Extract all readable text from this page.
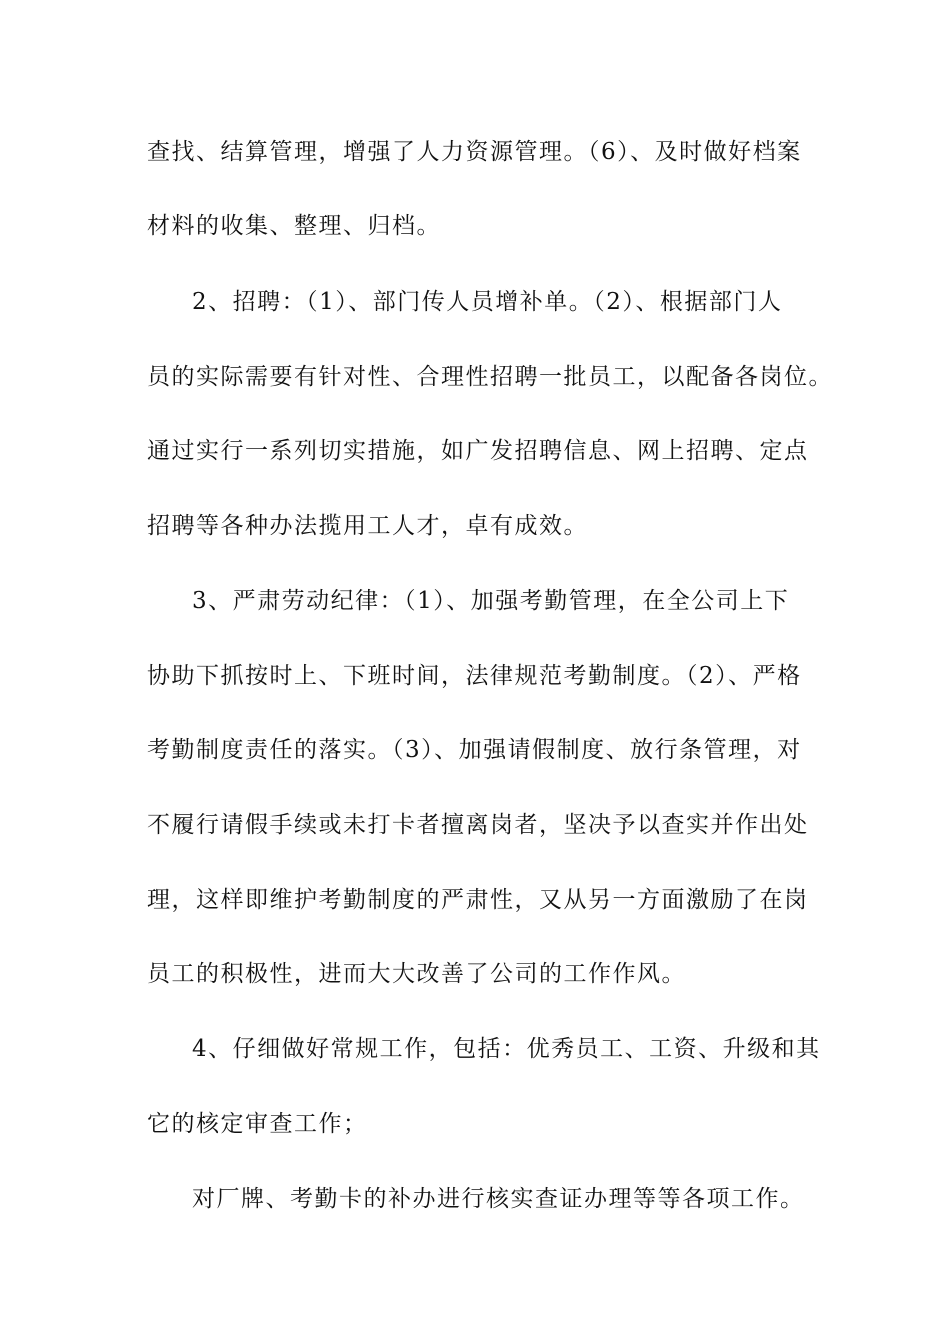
查找、结算管理，增强了人力资源管理。（6）、及时做好档案
材料的收集、整理、归档。
2、招聘：（1）、部门传人员增补单。（2）、根据部门人
员的实际需要有针对性、合理性招聘一批员工，以配备各岗位。
通过实行一系列切实措施，如广发招聘信息、网上招聘、定点
招聘等各种办法揽用工人才，卓有成效。
3、严肃劳动纪律：（1）、加强考勤管理，在全公司上下
协助下抓按时上、下班时间，法律规范考勤制度。（2）、严格
考勤制度责任的落实。（3）、加强请假制度、放行条管理，对
不履行请假手续或未打卡者擅离岗者，坚决予以查实并作出处
理，这样即维护考勤制度的严肃性，又从另一方面激励了在岗
员工的积极性，进而大大改善了公司的工作作风。
4、仔细做好常规工作，包括：优秀员工、工资、升级和其
它的核定审查工作；
对厂牌、考勤卡的补办进行核实查证办理等等各项工作。
